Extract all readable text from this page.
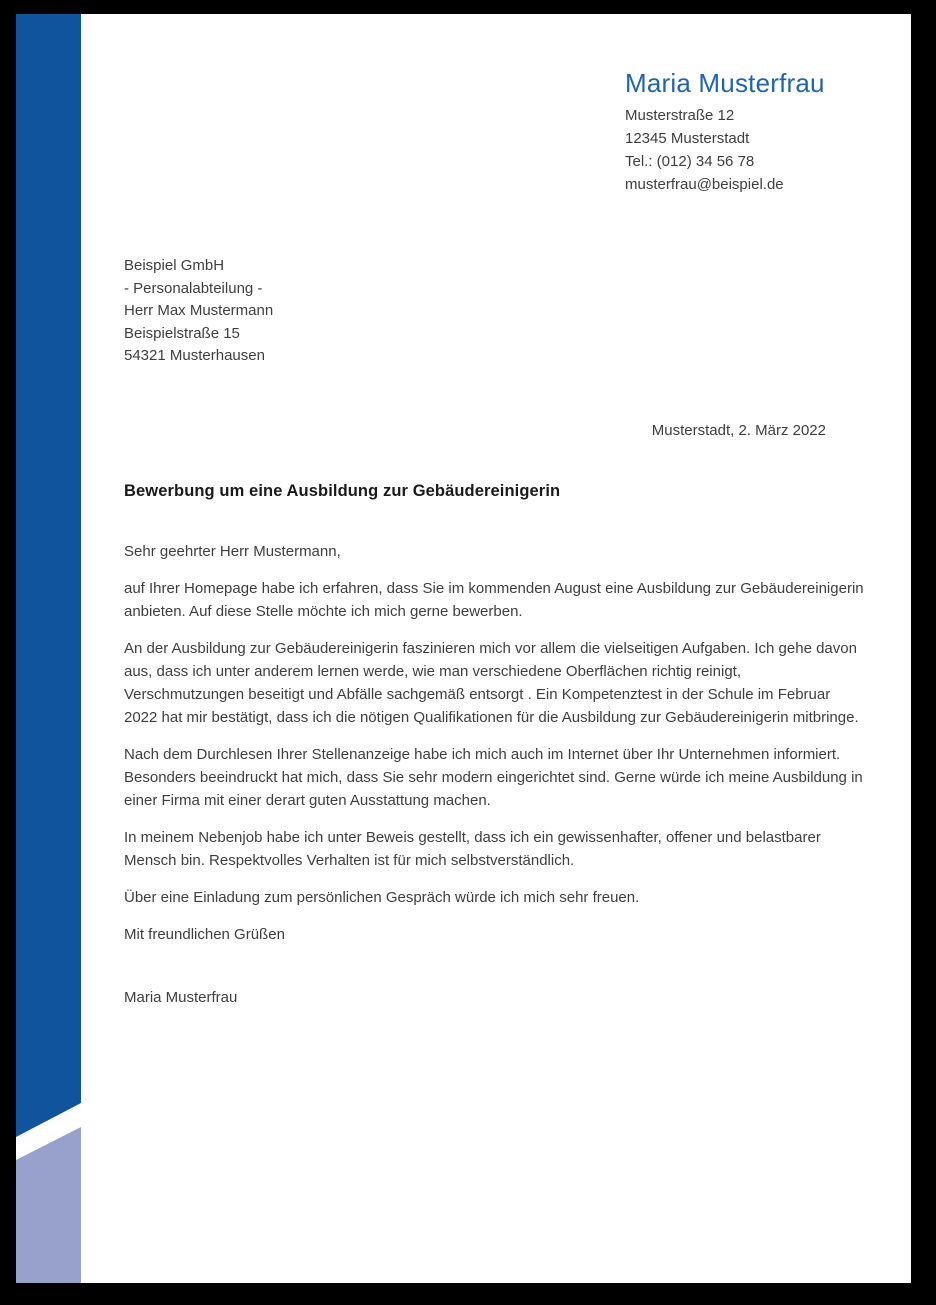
Maria Musterfrau
Musterstraße 12
12345 Musterstadt
Tel.: (012) 34 56 78
musterfrau@beispiel.de
Beispiel GmbH
- Personalabteilung -
Herr Max Mustermann
Beispielstraße 15
54321 Musterhausen
Musterstadt, 2. März 2022
Bewerbung um eine Ausbildung zur Gebäudereinigerin

Sehr geehrter Herr Mustermann,

auf Ihrer Homepage habe ich erfahren, dass Sie im kommenden August eine Ausbildung zur Gebäudereinigerin anbieten. Auf diese Stelle möchte ich mich gerne bewerben.

An der Ausbildung zur Gebäudereinigerin faszinieren mich vor allem die vielseitigen Aufgaben. Ich gehe davon aus, dass ich unter anderem lernen werde, wie man verschiedene Oberflächen richtig reinigt, Verschmutzungen beseitigt und Abfälle sachgemäß entsorgt . Ein Kompetenztest in der Schule im Februar 2022 hat mir bestätigt, dass ich die nötigen Qualifikationen für die Ausbildung zur Gebäudereinigerin mitbringe.

Nach dem Durchlesen Ihrer Stellenanzeige habe ich mich auch im Internet über Ihr Unternehmen informiert. Besonders beeindruckt hat mich, dass Sie sehr modern eingerichtet sind. Gerne würde ich meine Ausbildung in einer Firma mit einer derart guten Ausstattung machen.

In meinem Nebenjob habe ich unter Beweis gestellt, dass ich ein gewissenhafter, offener und belastbarer Mensch bin. Respektvolles Verhalten ist für mich selbstverständlich.

Über eine Einladung zum persönlichen Gespräch würde ich mich sehr freuen.

Mit freundlichen Grüßen

Maria Musterfrau
